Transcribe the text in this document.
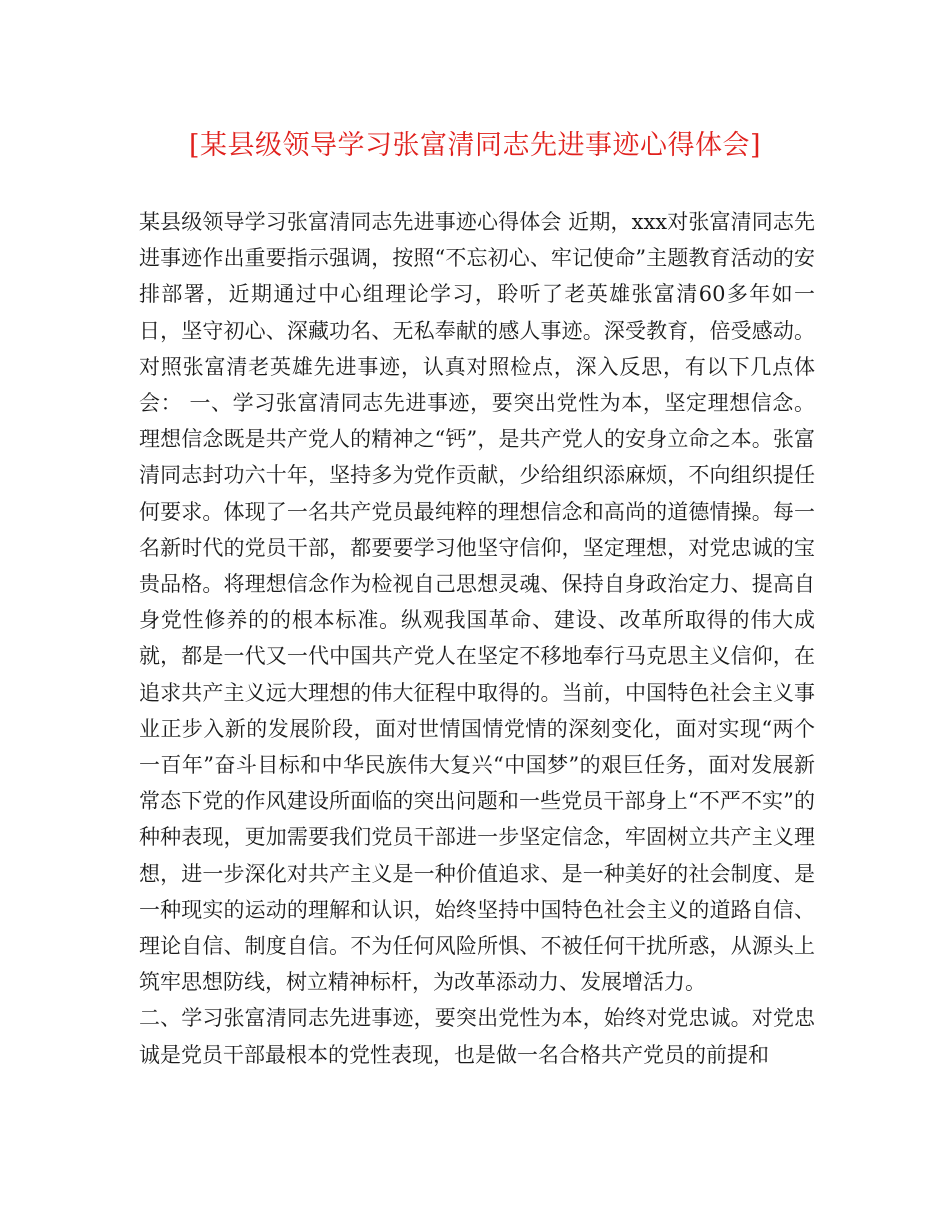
[某县级领导学习张富清同志先进事迹心得体会]

某县级领导学习张富清同志先进事迹心得体会 近期，xxx对张富清同志先进事迹作出重要指示强调，按照“不忘初心、牢记使命”主题教育活动的安排部署，近期通过中心组理论学习，聆听了老英雄张富清60多年如一日，坚守初心、深藏功名、无私奉献的感人事迹。深受教育，倍受感动。对照张富清老英雄先进事迹，认真对照检点，深入反思，有以下几点体会： 一、学习张富清同志先进事迹，要突出党性为本，坚定理想信念。理想信念既是共产党人的精神之“钙”，是共产党人的安身立命之本。张富清同志封功六十年，坚持多为党作贡献，少给组织添麻烦，不向组织提任何要求。体现了一名共产党员最纯粹的理想信念和高尚的道德情操。每一名新时代的党员干部，都要要学习他坚守信仰，坚定理想，对党忠诚的宝贵品格。将理想信念作为检视自己思想灵魂、保持自身政治定力、提高自身党性修养的的根本标准。纵观我国革命、建设、改革所取得的伟大成就，都是一代又一代中国共产党人在坚定不移地奉行马克思主义信仰，在追求共产主义远大理想的伟大征程中取得的。当前，中国特色社会主义事业正步入新的发展阶段，面对世情国情党情的深刻变化，面对实现“两个一百年”奋斗目标和中华民族伟大复兴“中国梦”的艰巨任务，面对发展新常态下党的作风建设所面临的突出问题和一些党员干部身上“不严不实”的种种表现，更加需要我们党员干部进一步坚定信念，牢固树立共产主义理想，进一步深化对共产主义是一种价值追求、是一种美好的社会制度、是一种现实的运动的理解和认识，始终坚持中国特色社会主义的道路自信、理论自信、制度自信。不为任何风险所惧、不被任何干扰所惑，从源头上筑牢思想防线，树立精神标杆，为改革添动力、发展增活力。

二、学习张富清同志先进事迹，要突出党性为本，始终对党忠诚。对党忠诚是党员干部最根本的党性表现，也是做一名合格共产党员的前提和
